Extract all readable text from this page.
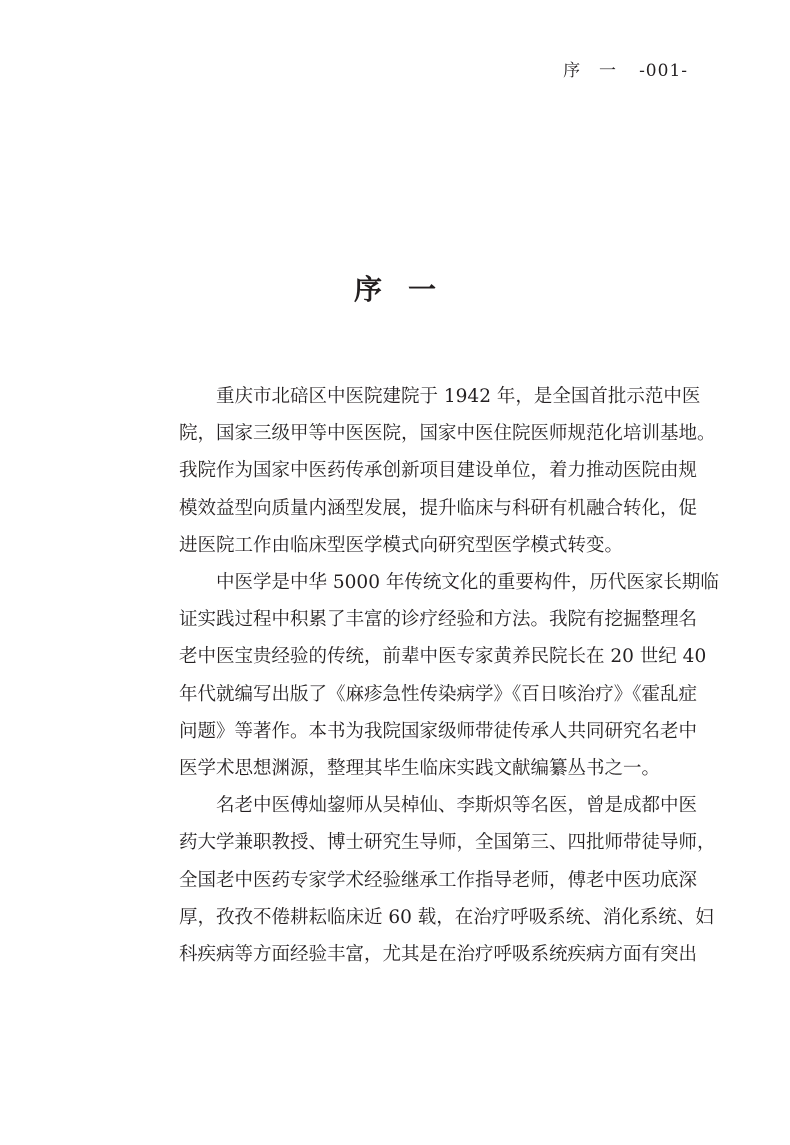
序　一 -001-
序一

重庆市北碚区中医院建院于 1942 年，是全国首批示范中医
院，国家三级甲等中医医院，国家中医住院医师规范化培训基地。
我院作为国家中医药传承创新项目建设单位，着力推动医院由规
模效益型向质量内涵型发展，提升临床与科研有机融合转化，促
进医院工作由临床型医学模式向研究型医学模式转变。

中医学是中华 5000 年传统文化的重要构件，历代医家长期临
证实践过程中积累了丰富的诊疗经验和方法。我院有挖掘整理名
老中医宝贵经验的传统，前辈中医专家黄养民院长在 20 世纪 40
年代就编写出版了《麻疹急性传染病学》《百日咳治疗》《霍乱症
问题》等著作。本书为我院国家级师带徒传承人共同研究名老中
医学术思想渊源，整理其毕生临床实践文献编纂丛书之一。

名老中医傅灿鋆师从吴棹仙、李斯炽等名医，曾是成都中医
药大学兼职教授、博士研究生导师，全国第三、四批师带徒导师，
全国老中医药专家学术经验继承工作指导老师，傅老中医功底深
厚，孜孜不倦耕耘临床近 60 载，在治疗呼吸系统、消化系统、妇
科疾病等方面经验丰富，尤其是在治疗呼吸系统疾病方面有突出
